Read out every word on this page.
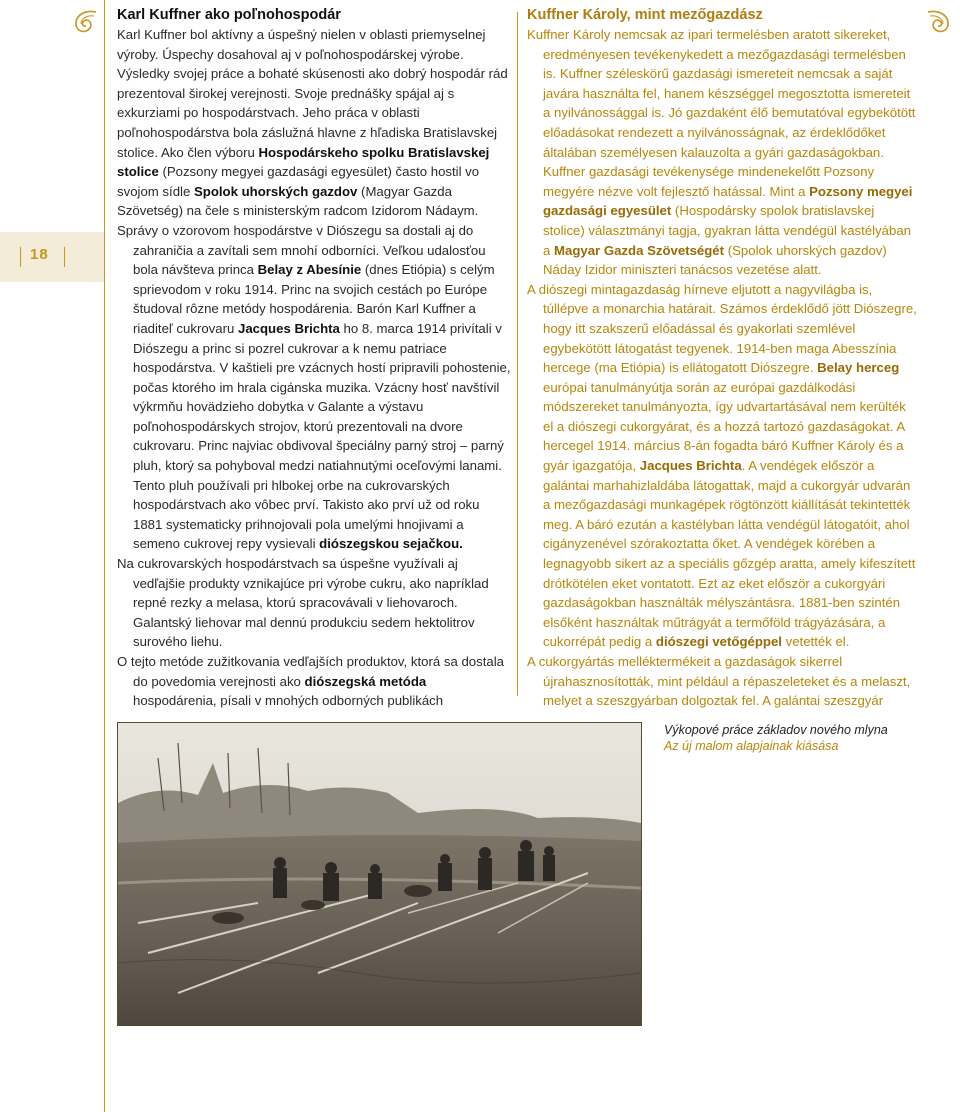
18
Karl Kuffner ako poľnohospodár

Karl Kuffner bol aktívny a úspešný nielen v oblasti priemyselnej výroby. Úspechy dosahoval aj v poľnohospodárskej výrobe. Výsledky svojej práce a bohaté skúsenosti ako dobrý hospodár rád prezentoval širokej verejnosti. Svoje prednášky spájal aj s exkurziami po hospodárstvach. Jeho práca v oblasti poľnohospodárstva bola záslužná hlavne z hľadiska Bratislavskej stolice. Ako člen výboru Hospodárskeho spolku Bratislavskej stolice (Pozsony megyei gazdasági egyesület) často hostil vo svojom sídle Spolok uhorských gazdov (Magyar Gazda Szövetség) na čele s ministerským radcom Izidorom Nádaym.

Správy o vzorovom hospodárstve v Diószegu sa dostali aj do zahraničia a zavítali sem mnohí odborníci. Veľkou udalosťou bola návšteva princa Belay z Abesínie (dnes Etiópia) s celým sprievodom v roku 1914. Princ na svojich cestách po Európe študoval rôzne metódy hospodárenia. Barón Karl Kuffner a riaditeľ cukrovaru Jacques Brichta ho 8. marca 1914 privítali v Diószegu a princ si pozrel cukrovar a k nemu patriace hospodárstva. V kaštieli pre vzácnych hostí pripravili pohostenie, počas ktorého im hrala cigánska muzika. Vzácny hosť navštívil výkrmňu hovädzieho dobytka v Galante a výstavu poľnohospodárskych strojov, ktorú prezentovali na dvore cukrovaru. Princ najviac obdivoval špeciálny parný stroj – parný pluh, ktorý sa pohyboval medzi natiahnutými oceľovými lanami. Tento pluh používali pri hlbokej orbe na cukrovarských hospodárstvach ako vôbec prví. Takisto ako prví už od roku 1881 systematicky prihnojovali pola umelými hnojivami a semeno cukrovej repy vysievali diószegskou sejačkou.

Na cukrovarských hospodárstvach sa úspešne využívali aj vedľajšie produkty vznikajúce pri výrobe cukru, ako napríklad repné rezky a melasa, ktorú spracovávali v liehovaroch. Galantský liehovar mal dennú produkciu sedem hektolitrov surového liehu.

O tejto metóde zužitkovania vedľajších produktov, ktorá sa dostala do povedomia verejnosti ako diószegská metóda hospodárenia, písali v mnohých odborných publikách

Kuffner Károly, mint mezőgazdász

Kuffner Károly nemcsak az ipari termelésben aratott sikereket, eredményesen tevékenykedett a mezőgazdasági termelésben is. Kuffner széleskörű gazdasági ismereteit nemcsak a saját javára használta fel, hanem készséggel megosztotta ismereteit a nyilvánossággal is. Jó gazdaként élő bemutatóval egybekötött előadásokat rendezett a nyilvánosságnak, az érdeklődőket általában személyesen kalauzolta a gyári gazdaságokban. Kuffner gazdasági tevékenysége mindenekelőtt Pozsony megyére nézve volt fejlesztő hatással. Mint a Pozsony megyei gazdasági egyesület (Hospodársky spolok bratislavskej stolice) választmányi tagja, gyakran látta vendégül kastélyában a Magyar Gazda Szövetségét (Spolok uhorských gazdov) Náday Izidor miniszteri tanácsos vezetése alatt.

A diószegi mintagazdaság hírneve eljutott a nagyvilágba is, túllépve a monarchia határait. Számos érdeklődő jött Diószegre, hogy itt szakszerű előadással és gyakorlati szemlével egybekötött látogatást tegyenek. 1914-ben maga Abesszínia hercege (ma Etiópia) is ellátogatott Diószegre. Belay herceg európai tanulmányútja során az európai gazdálkodási módszereket tanulmányozta, így udvartartásával nem kerülték el a diószegi cukorgyárat, és a hozzá tartozó gazdaságokat. A hercegel 1914. március 8-án fogadta báró Kuffner Károly és a gyár igazgatója, Jacques Brichta. A vendégek először a galántai marhahizlaldába látogattak, majd a cukorgyár udvarán a mezőgazdasági munkagépek rögtönzött kiállítását tekintették meg. A báró ezután a kastélyban látta vendégül látogatóit, ahol cigányzenével szórakoztatta őket. A vendégek körében a legnagyobb sikert az a speciális gőzgép aratta, amely kifeszített drótkötélen eket vontatott. Ezt az eket először a cukorgyári gazdaságokban használták mélyszántásra. 1881-ben szintén elsőként használtak műtrágyát a termőföld trágyázására, a cukorrépát pedig a diószegi vetőgéppel vetették el.

A cukorgyártás melléktermékeit a gazdaságok sikerrel újrahasznosították, mint például a répaszeleteket és a melaszt, melyet a szeszgyárban dolgoztak fel. A galántai szeszgyár

Výkopové práce základov nového mlyna
Az új malom alapjainak kiásása
